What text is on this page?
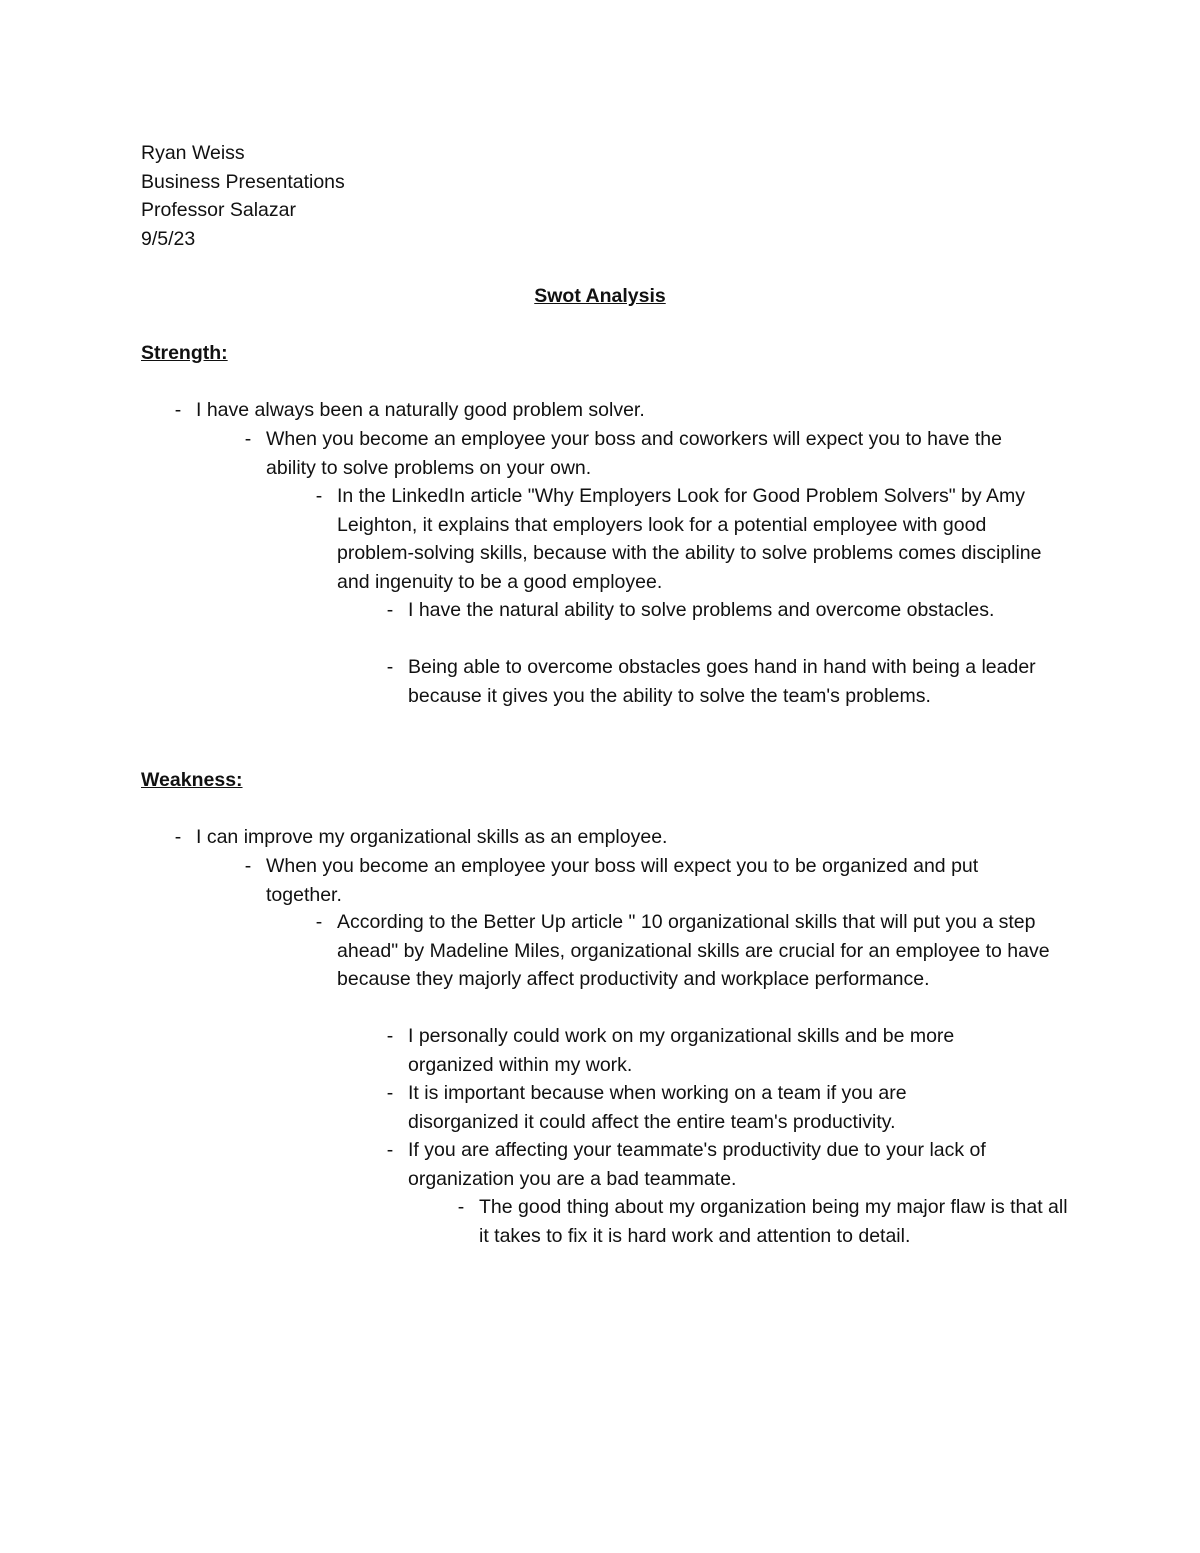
Ryan Weiss
Business Presentations
Professor Salazar
9/5/23
Swot Analysis
Strength:
- I have always been a naturally good problem solver.
- When you become an employee your boss and coworkers will expect you to have the ability to solve problems on your own.
- In the LinkedIn article "Why Employers Look for Good Problem Solvers" by Amy Leighton, it explains that employers look for a potential employee with good problem-solving skills, because with the ability to solve problems comes discipline and ingenuity to be a good employee.
- I have the natural ability to solve problems and overcome obstacles.
- Being able to overcome obstacles goes hand in hand with being a leader because it gives you the ability to solve the team's problems.
Weakness:
- I can improve my organizational skills as an employee.
- When you become an employee your boss will expect you to be organized and put together.
- According to the Better Up article " 10 organizational skills that will put you a step ahead" by Madeline Miles, organizational skills are crucial for an employee to have because they majorly affect productivity and workplace performance.
- I personally could work on my organizational skills and be more organized within my work.
- It is important because when working on a team if you are disorganized it could affect the entire team's productivity.
- If you are affecting your teammate's productivity due to your lack of organization you are a bad teammate.
- The good thing about my organization being my major flaw is that all it takes to fix it is hard work and attention to detail.
